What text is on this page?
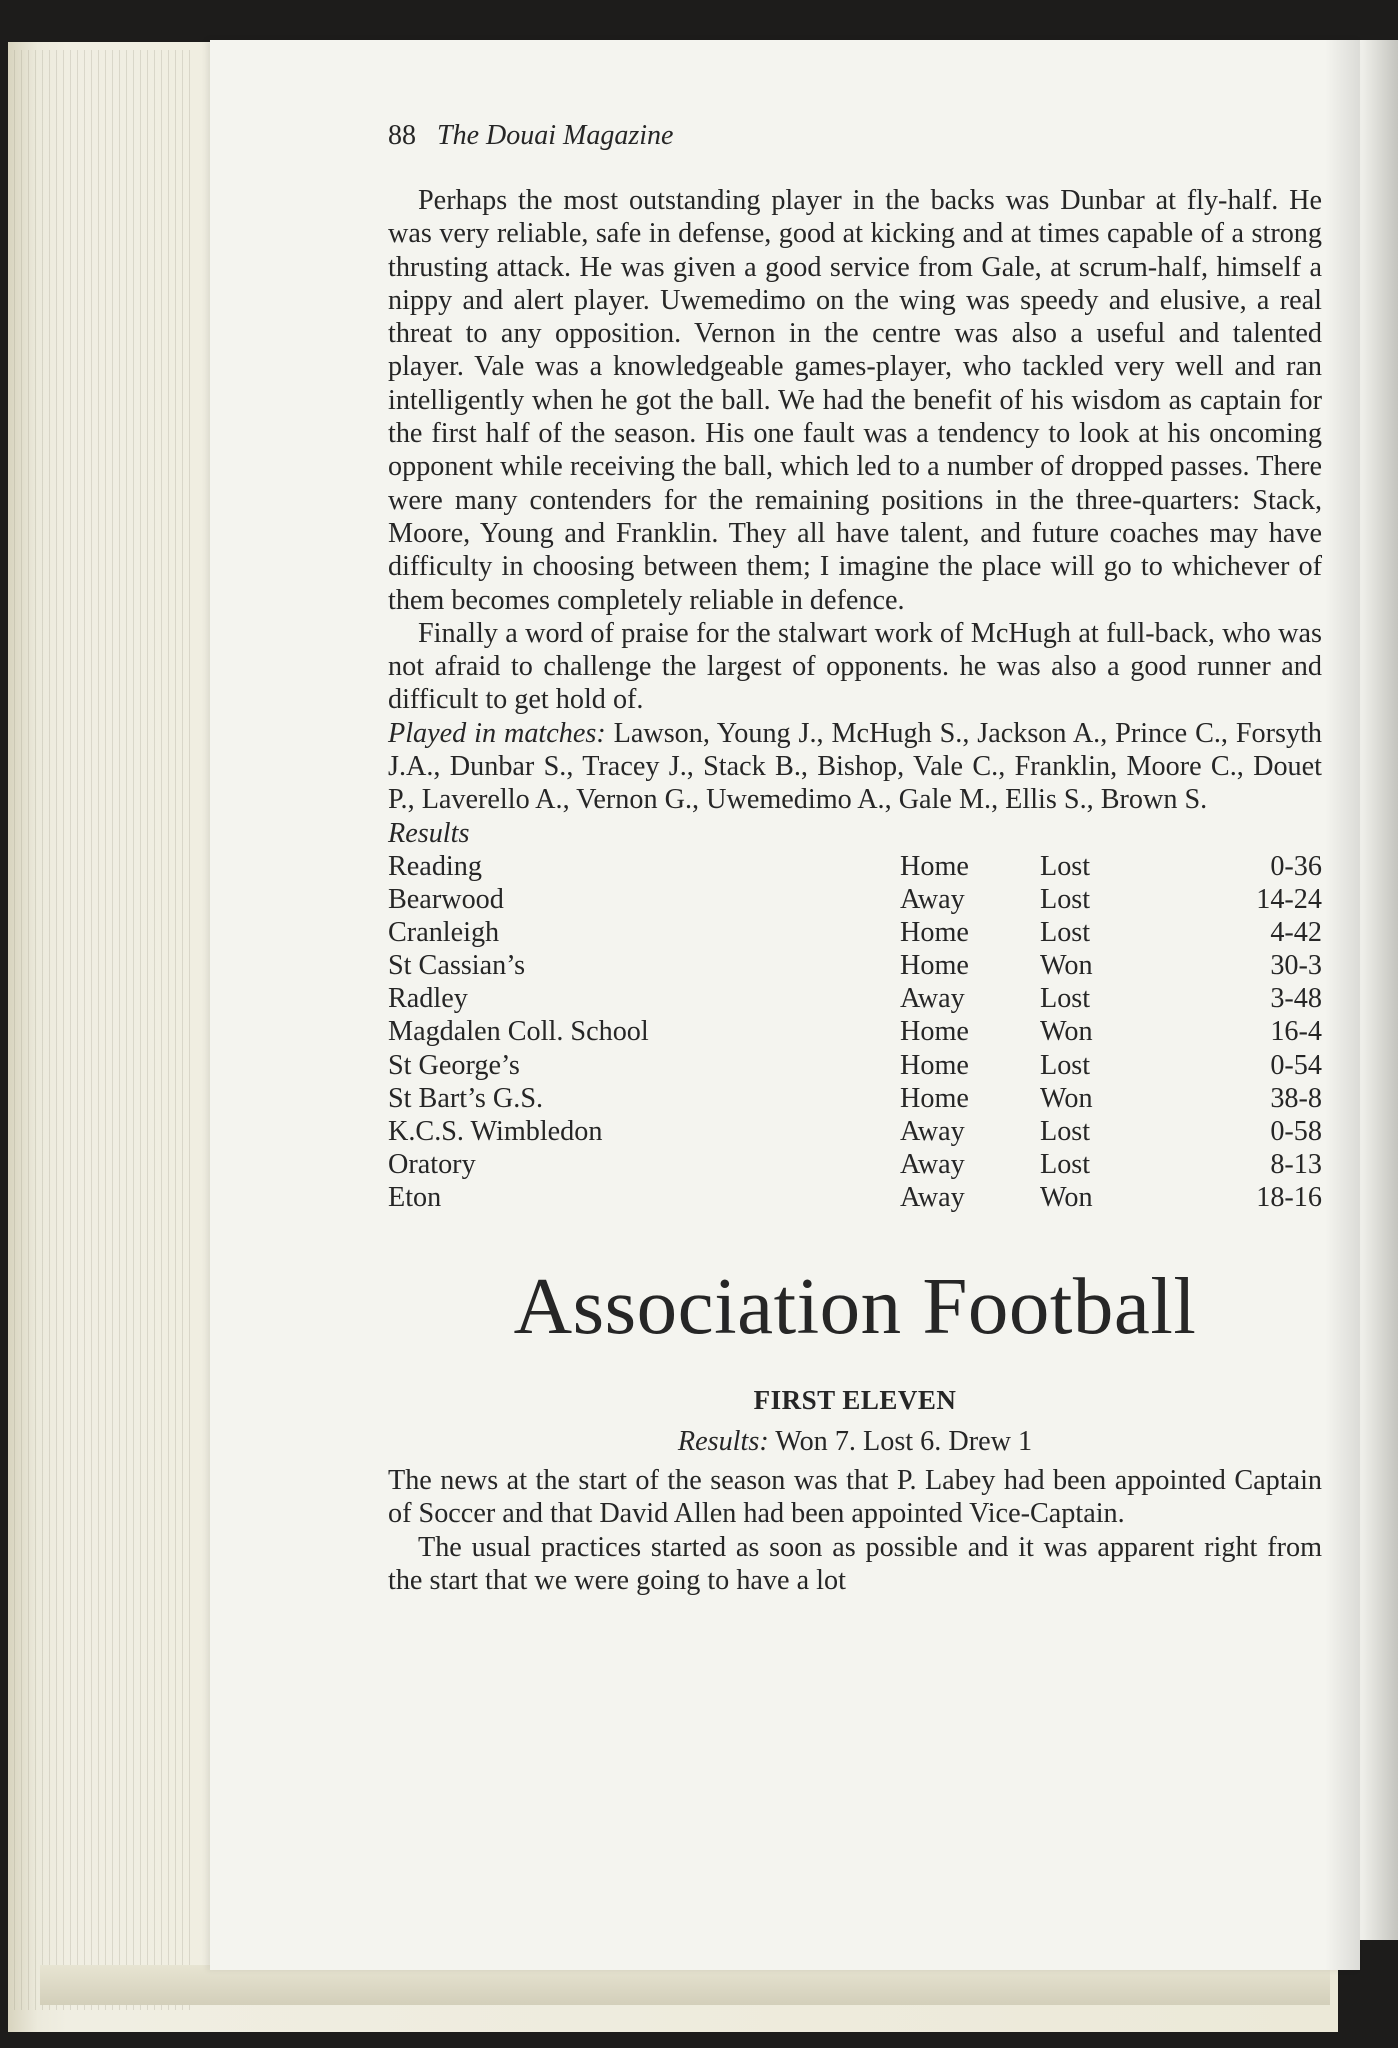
88 The Douai Magazine

Perhaps the most outstanding player in the backs was Dunbar at fly-half. He was very reliable, safe in defense, good at kicking and at times capable of a strong thrusting attack. He was given a good service from Gale, at scrum-half, himself a nippy and alert player. Uwemedimo on the wing was speedy and elusive, a real threat to any opposition. Vernon in the centre was also a useful and talented player. Vale was a knowledgeable games-player, who tackled very well and ran intelligently when he got the ball. We had the benefit of his wisdom as captain for the first half of the season. His one fault was a tendency to look at his oncoming opponent while receiving the ball, which led to a number of dropped passes. There were many contenders for the remaining positions in the three-quarters: Stack, Moore, Young and Franklin. They all have talent, and future coaches may have difficulty in choosing between them; I imagine the place will go to whichever of them becomes completely reliable in defence.

Finally a word of praise for the stalwart work of McHugh at full-back, who was not afraid to challenge the largest of opponents. he was also a good runner and difficult to get hold of.

Played in matches: Lawson, Young J., McHugh S., Jackson A., Prince C., Forsyth J.A., Dunbar S., Tracey J., Stack B., Bishop, Vale C., Franklin, Moore C., Douet P., Laverello A., Vernon G., Uwemedimo A., Gale M., Ellis S., Brown S.

Results
Reading	Home	Lost	0-36
Bearwood	Away	Lost	14-24
Cranleigh	Home	Lost	4-42
St Cassian’s	Home	Won	30-3
Radley	Away	Lost	3-48
Magdalen Coll. School	Home	Won	16-4
St George’s	Home	Lost	0-54
St Bart’s G.S.	Home	Won	38-8
K.C.S. Wimbledon	Away	Lost	0-58
Oratory	Away	Lost	8-13
Eton	Away	Won	18-16
Association Football
FIRST ELEVEN
Results: Won 7. Lost 6. Drew 1

The news at the start of the season was that P. Labey had been appointed Captain of Soccer and that David Allen had been appointed Vice-Captain.

The usual practices started as soon as possible and it was apparent right from the start that we were going to have a lot
